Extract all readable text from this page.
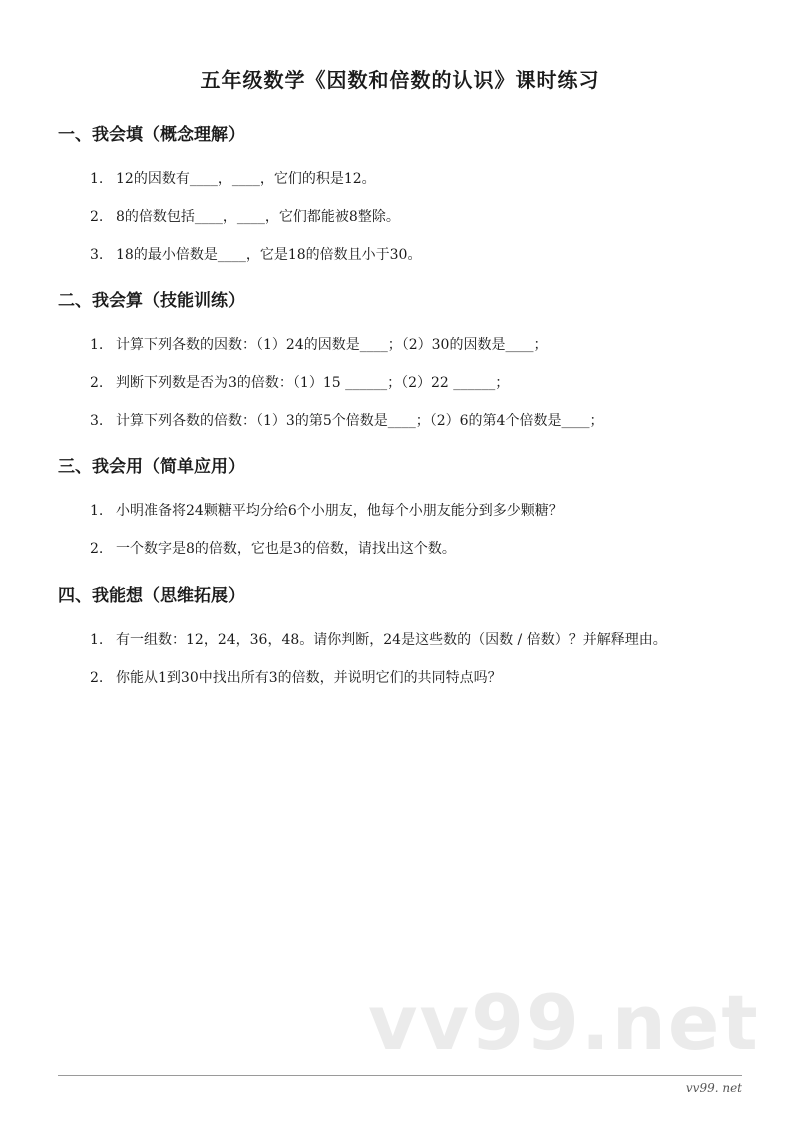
五年级数学《因数和倍数的认识》课时练习
一、我会填（概念理解）
1. 12的因数有____，____，它们的积是12。
2. 8的倍数包括____，____，它们都能被8整除。
3. 18的最小倍数是____，它是18的倍数且小于30。
二、我会算（技能训练）
1. 计算下列各数的因数：（1）24的因数是____；（2）30的因数是____；
2. 判断下列数是否为3的倍数：（1）15 ______；（2）22 ______；
3. 计算下列各数的倍数：（1）3的第5个倍数是____；（2）6的第4个倍数是____；
三、我会用（简单应用）
1. 小明准备将24颗糖平均分给6个小朋友，他每个小朋友能分到多少颗糖？
2. 一个数字是8的倍数，它也是3的倍数，请找出这个数。
四、我能想（思维拓展）
1. 有一组数：12，24，36，48。请你判断，24是这些数的（因数 / 倍数）？并解释理由。
2. 你能从1到30中找出所有3的倍数，并说明它们的共同特点吗？
vv99.net
vv99. net
